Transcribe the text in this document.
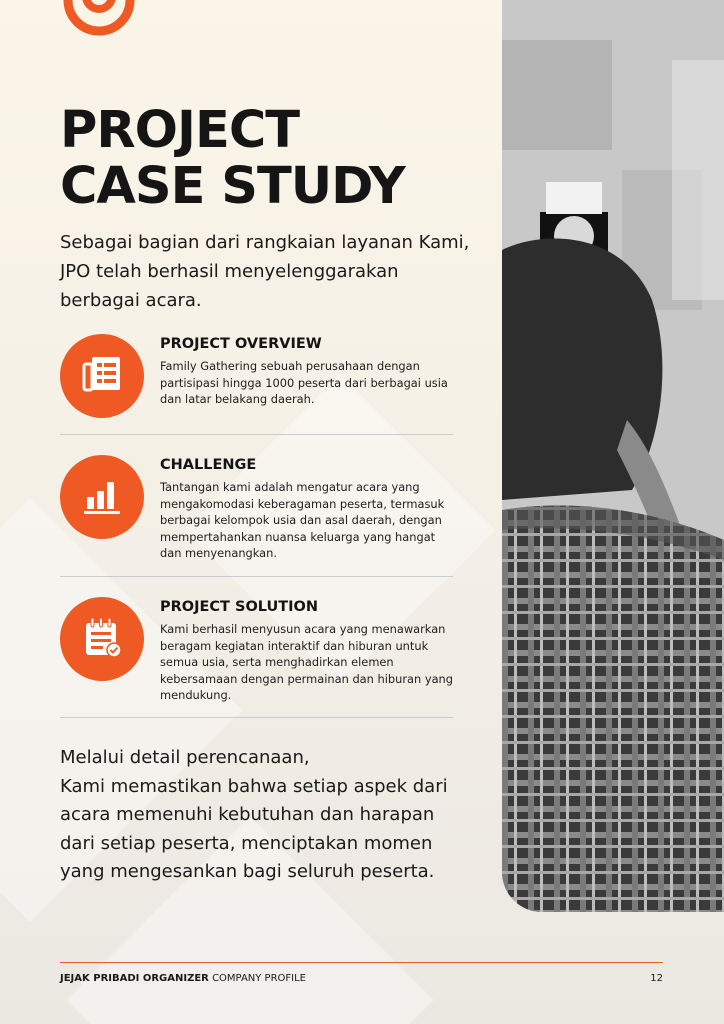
PROJECT
CASE STUDY
Sebagai bagian dari rangkaian layanan Kami, JPO telah berhasil menyelenggarakan berbagai acara.
PROJECT OVERVIEW
Family Gathering sebuah perusahaan dengan partisipasi hingga 1000 peserta dari berbagai usia dan latar belakang daerah.
CHALLENGE
Tantangan kami adalah mengatur acara yang mengakomodasi keberagaman peserta, termasuk berbagai kelompok usia dan asal daerah, dengan mempertahankan nuansa keluarga yang hangat dan menyenangkan.
PROJECT SOLUTION
Kami berhasil menyusun acara yang menawarkan beragam kegiatan interaktif dan hiburan untuk semua usia, serta menghadirkan elemen kebersamaan dengan permainan dan hiburan yang mendukung.
Melalui detail perencanaan,
Kami memastikan bahwa setiap aspek dari
acara memenuhi kebutuhan dan harapan
dari setiap peserta, menciptakan momen
yang mengesankan bagi seluruh peserta.
JEJAK PRIBADI ORGANIZER COMPANY PROFILE	12
